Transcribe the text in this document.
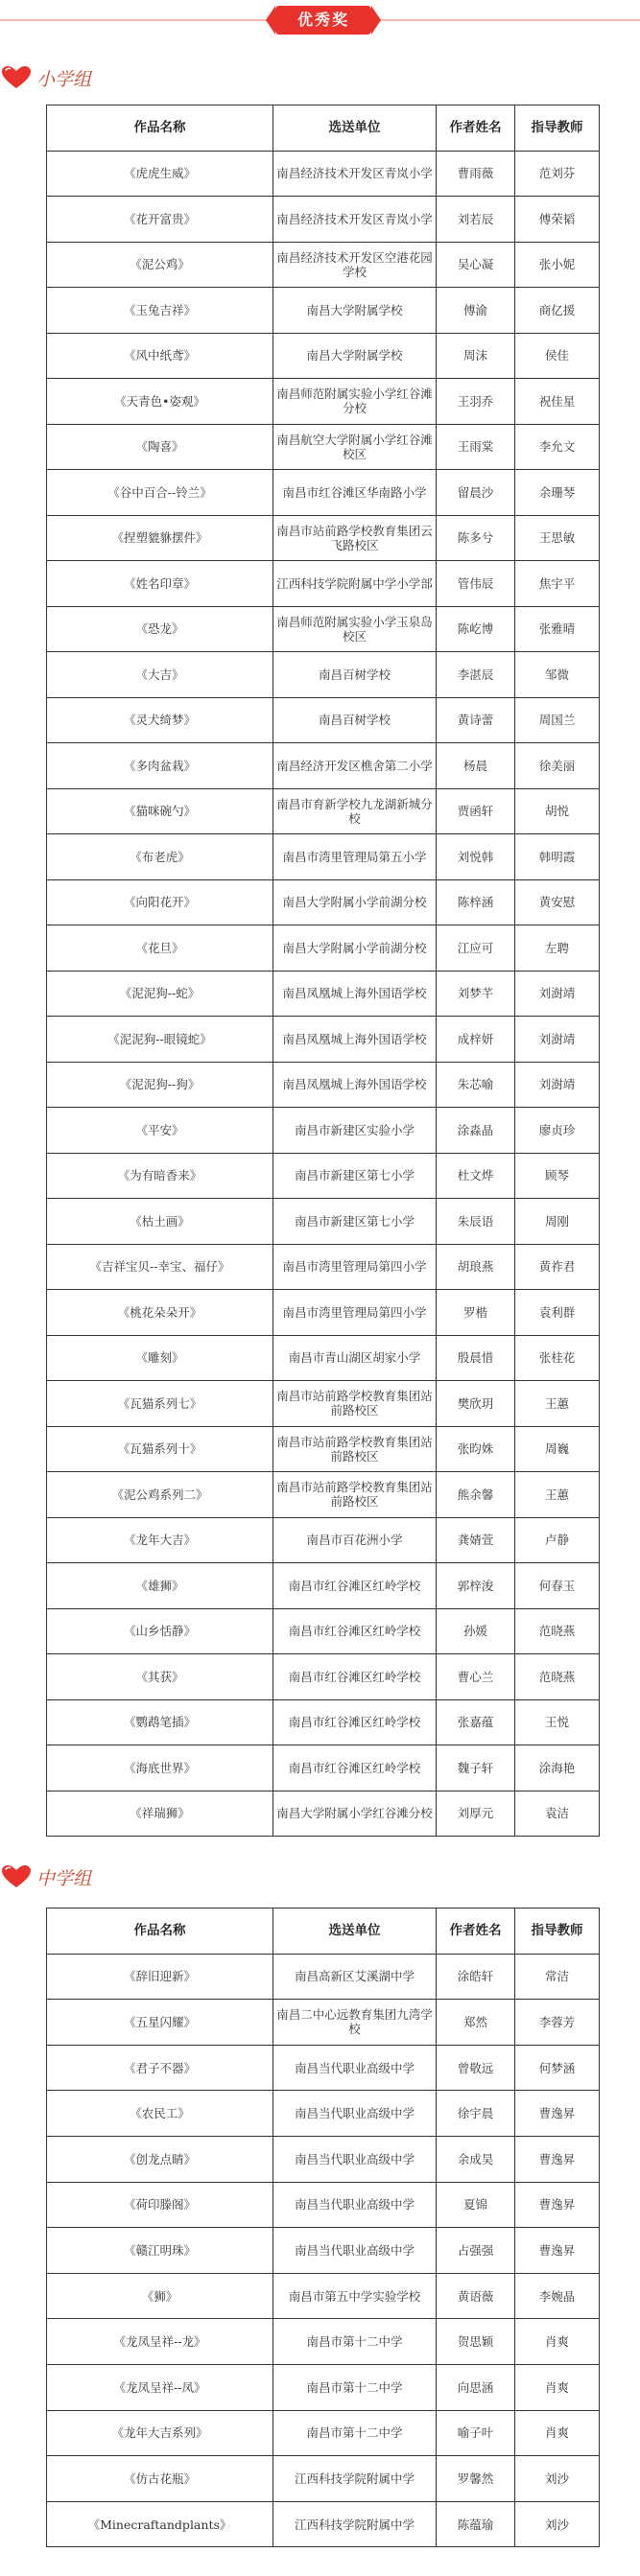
优秀奖
小学组
作品名称	选送单位	作者姓名	指导教师
《虎虎生威》	南昌经济技术开发区青岚小学	曹雨薇	范刘芬
《花开富贵》	南昌经济技术开发区青岚小学	刘若辰	傅荣韬
《泥公鸡》	南昌经济技术开发区空港花园学校	吴心凝	张小妮
《玉兔吉祥》	南昌大学附属学校	傅渝	商亿援
《风中纸鸢》	南昌大学附属学校	周沫	侯佳
《天青色•姿观》	南昌师范附属实验小学红谷滩分校	王羽乔	祝佳星
《陶喜》	南昌航空大学附属小学红谷滩校区	王雨棠	李允文
《谷中百合--铃兰》	南昌市红谷滩区华南路小学	留晨沙	余珊琴
《捏塑貔貅摆件》	南昌市站前路学校教育集团云飞路校区	陈多兮	王思敏
《姓名印章》	江西科技学院附属中学小学部	管伟辰	焦宇平
《恐龙》	南昌师范附属实验小学玉泉岛校区	陈屹博	张雅晴
《大吉》	南昌百树学校	李湛辰	邹微
《灵犬绮梦》	南昌百树学校	黄诗蕾	周国兰
《多肉盆栽》	南昌经济开发区樵舍第二小学	杨晨	徐美丽
《猫咪碗勺》	南昌市育新学校九龙湖新城分校	贾函轩	胡悦
《布老虎》	南昌市湾里管理局第五小学	刘悦韩	韩明霞
《向阳花开》	南昌大学附属小学前湖分校	陈梓涵	黄安慰
《花旦》	南昌大学附属小学前湖分校	江应可	左聘
《泥泥狗--蛇》	南昌凤凰城上海外国语学校	刘梦芊	刘澍靖
《泥泥狗--眼镜蛇》	南昌凤凰城上海外国语学校	成梓妍	刘澍靖
《泥泥狗--狗》	南昌凤凰城上海外国语学校	朱芯喻	刘澍靖
《平安》	南昌市新建区实验小学	涂淼晶	廖贞珍
《为有暗香来》	南昌市新建区第七小学	杜文烨	顾琴
《枯土画》	南昌市新建区第七小学	朱辰语	周刚
《吉祥宝贝--幸宝、福仔》	南昌市湾里管理局第四小学	胡琅燕	黄祚君
《桃花朵朵开》	南昌市湾里管理局第四小学	罗楷	袁利群
《雕刻》	南昌市青山湖区胡家小学	殷晨惜	张桂花
《瓦猫系列七》	南昌市站前路学校教育集团站前路校区	樊欣玥	王蕙
《瓦猫系列十》	南昌市站前路学校教育集团站前路校区	张昀姝	周巍
《泥公鸡系列二》	南昌市站前路学校教育集团站前路校区	熊余馨	王蕙
《龙年大吉》	南昌市百花洲小学	龚婧萱	卢静
《雄狮》	南昌市红谷滩区红岭学校	郭梓浚	何春玉
《山乡恬静》	南昌市红谷滩区红岭学校	孙媛	范晓燕
《其获》	南昌市红谷滩区红岭学校	曹心兰	范晓燕
《鹦鹉笔插》	南昌市红谷滩区红岭学校	张嘉蕴	王悦
《海底世界》	南昌市红谷滩区红岭学校	魏子轩	涂海艳
《祥瑞狮》	南昌大学附属小学红谷滩分校	刘厚元	袁洁
中学组
作品名称	选送单位	作者姓名	指导教师
《辞旧迎新》	南昌高新区艾溪湖中学	涂皓轩	常洁
《五星闪耀》	南昌二中心远教育集团九湾学校	郑然	李蓉芳
《君子不器》	南昌当代职业高级中学	曾敬远	何梦涵
《农民工》	南昌当代职业高级中学	徐宇晨	曹逸昇
《创龙点睛》	南昌当代职业高级中学	余成昊	曹逸昇
《荷印滕阁》	南昌当代职业高级中学	夏锦	曹逸昇
《赣江明珠》	南昌当代职业高级中学	占强强	曹逸昇
《狮》	南昌市第五中学实验学校	黄语薇	李婉晶
《龙凤呈祥--龙》	南昌市第十二中学	贺思颖	肖爽
《龙凤呈祥--凤》	南昌市第十二中学	向思涵	肖爽
《龙年大吉系列》	南昌市第十二中学	喻子叶	肖爽
《仿古花瓶》	江西科技学院附属中学	罗馨然	刘沙
《Minecraftandplants》	江西科技学院附属中学	陈蕴瑜	刘沙
